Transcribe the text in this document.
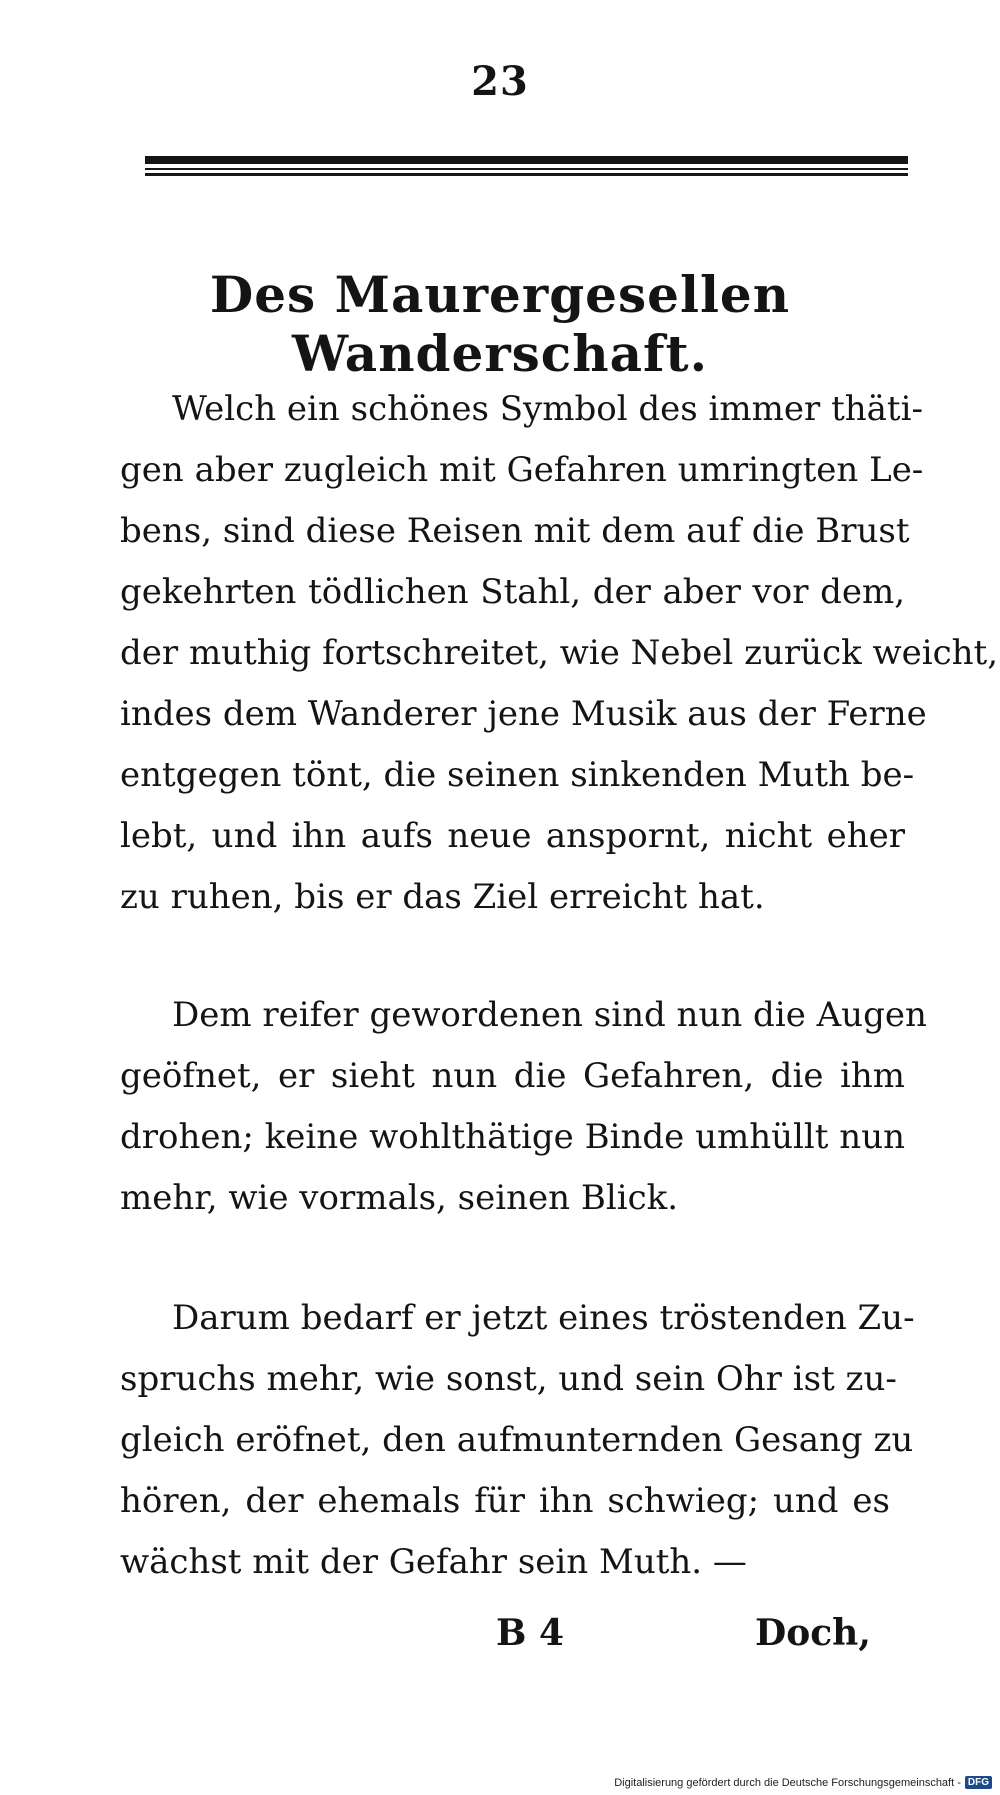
23
Des Maurergesellen Wanderschaft.
Welch ein schönes Symbol des immer thäti-
gen aber zugleich mit Gefahren umringten Le-
bens, sind diese Reisen mit dem auf die Brust
gekehrten tödlichen Stahl, der aber vor dem,
der muthig fortschreitet, wie Nebel zurück weicht,
indes dem Wanderer jene Musik aus der Ferne
entgegen tönt, die seinen sinkenden Muth be-
lebt, und ihn aufs neue anspornt, nicht eher
zu ruhen, bis er das Ziel erreicht hat.
Dem reifer gewordenen sind nun die Augen
geöfnet, er sieht nun die Gefahren, die ihm
drohen; keine wohlthätige Binde umhüllt nun
mehr, wie vormals, seinen Blick.
Darum bedarf er jetzt eines tröstenden Zu-
spruchs mehr, wie sonst, und sein Ohr ist zu-
gleich eröfnet, den aufmunternden Gesang zu
hören, der ehemals für ihn schwieg; und es
wächst mit der Gefahr sein Muth. —
B 4	Doch,
Digitalisierung gefördert durch die Deutsche Forschungsgemeinschaft - DFG
